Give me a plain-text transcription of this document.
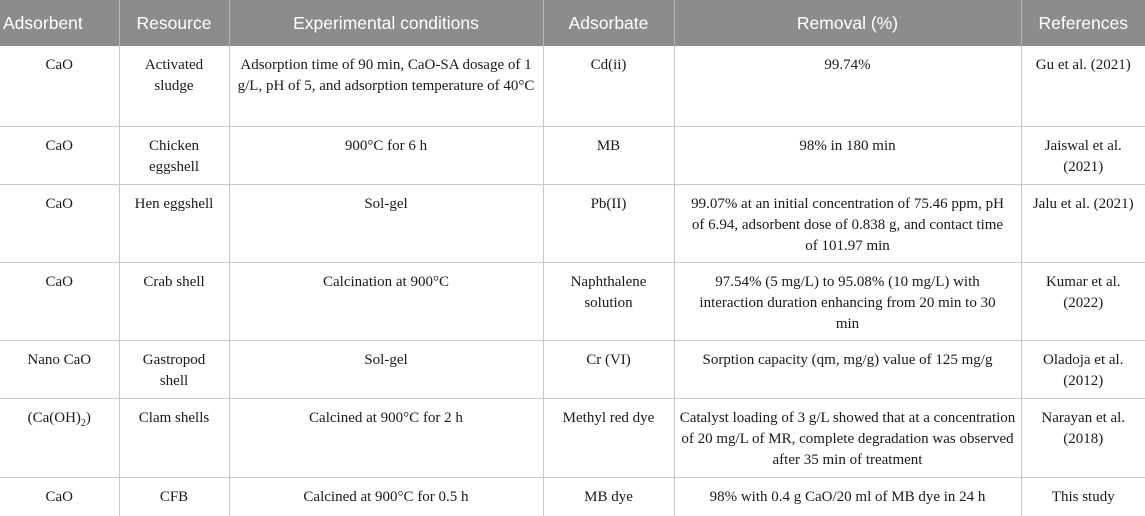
Adsorbent	Resource	Experimental conditions	Adsorbate	Removal (%)	References
CaO	Activated sludge	Adsorption time of 90 min, CaO-SA dosage of 1 g/L, pH of 5, and adsorption temperature of 40°C	Cd(ii)	99.74%	Gu et al. (2021)
CaO	Chicken eggshell	900°C for 6 h	MB	98% in 180 min	Jaiswal et al. (2021)
CaO	Hen eggshell	Sol-gel	Pb(II)	99.07% at an initial concentration of 75.46 ppm, pH of 6.94, adsorbent dose of 0.838 g, and contact time of 101.97 min	Jalu et al. (2021)
CaO	Crab shell	Calcination at 900°C	Naphthalene solution	97.54% (5 mg/L) to 95.08% (10 mg/L) with interaction duration enhancing from 20 min to 30 min	Kumar et al. (2022)
Nano CaO	Gastropod shell	Sol-gel	Cr (VI)	Sorption capacity (qm, mg/g) value of 125 mg/g	Oladoja et al. (2012)
$(Ca(OH)_2)$	Clam shells	Calcined at 900°C for 2 h	Methyl red dye	Catalyst loading of 3 g/L showed that at a concentration of 20 mg/L of MR, complete degradation was observed after 35 min of treatment	Narayan et al. (2018)
CaO	CFB	Calcined at 900°C for 0.5 h	MB dye	98% with 0.4 g CaO/20 ml of MB dye in 24 h	This study
